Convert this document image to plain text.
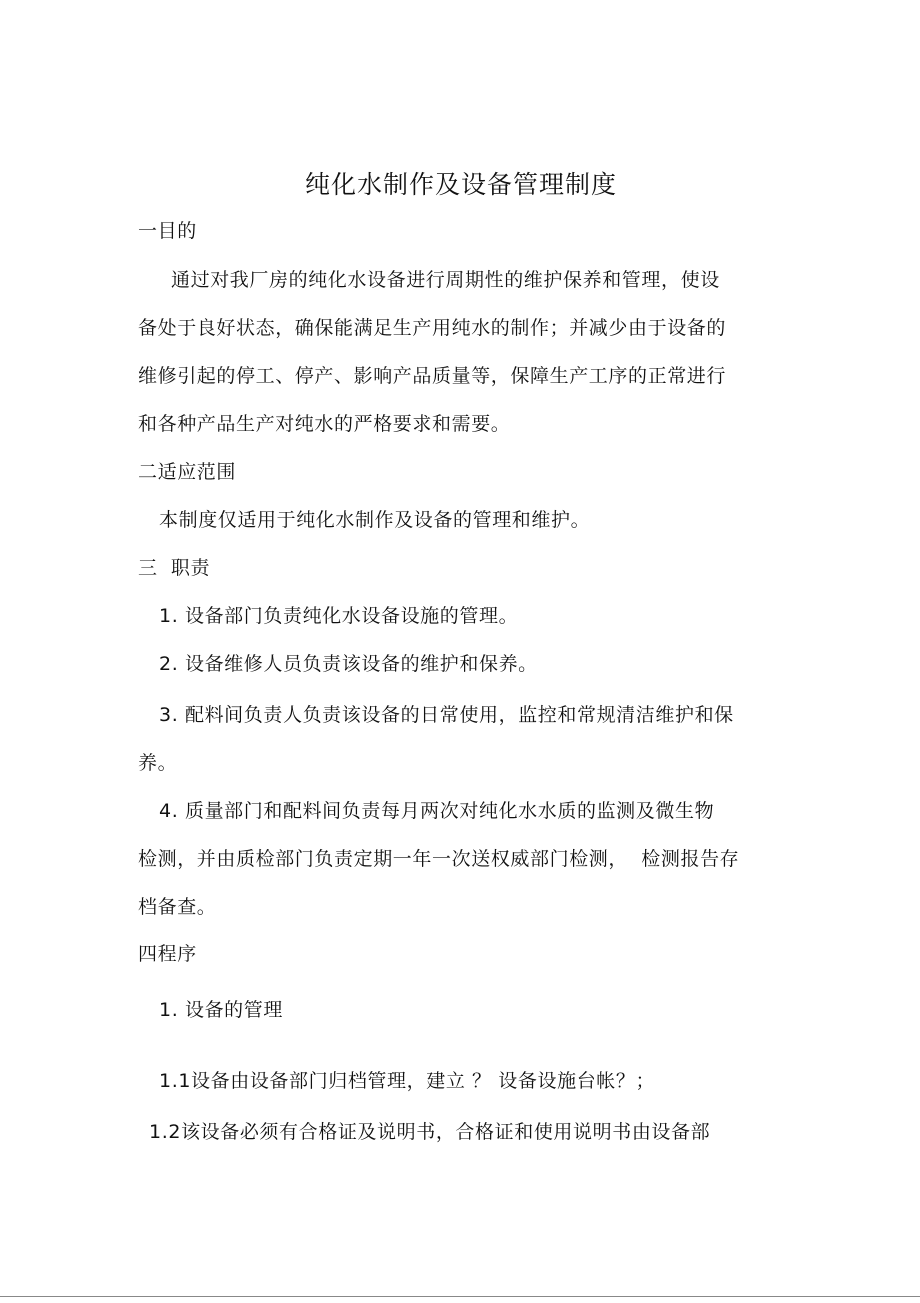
纯化水制作及设备管理制度
一目的
通过对我厂房的纯化水设备进行周期性的维护保养和管理，使设
备处于良好状态，确保能满足生产用纯水的制作；并减少由于设备的
维修引起的停工、停产、影响产品质量等，保障生产工序的正常进行
和各种产品生产对纯水的严格要求和需要。
二适应范围
本制度仅适用于纯化水制作及设备的管理和维护。
三  职责
1. 设备部门负责纯化水设备设施的管理。
2. 设备维修人员负责该设备的维护和保养。
3. 配料间负责人负责该设备的日常使用，监控和常规清洁维护和保
养。
4. 质量部门和配料间负责每月两次对纯化水水质的监测及微生物
检测，并由质检部门负责定期一年一次送权威部门检测，  检测报告存
档备查。
四程序
1. 设备的管理
1.1设备由设备部门归档管理，建立 ？ 设备设施台帐？；
1.2该设备必须有合格证及说明书，合格证和使用说明书由设备部
